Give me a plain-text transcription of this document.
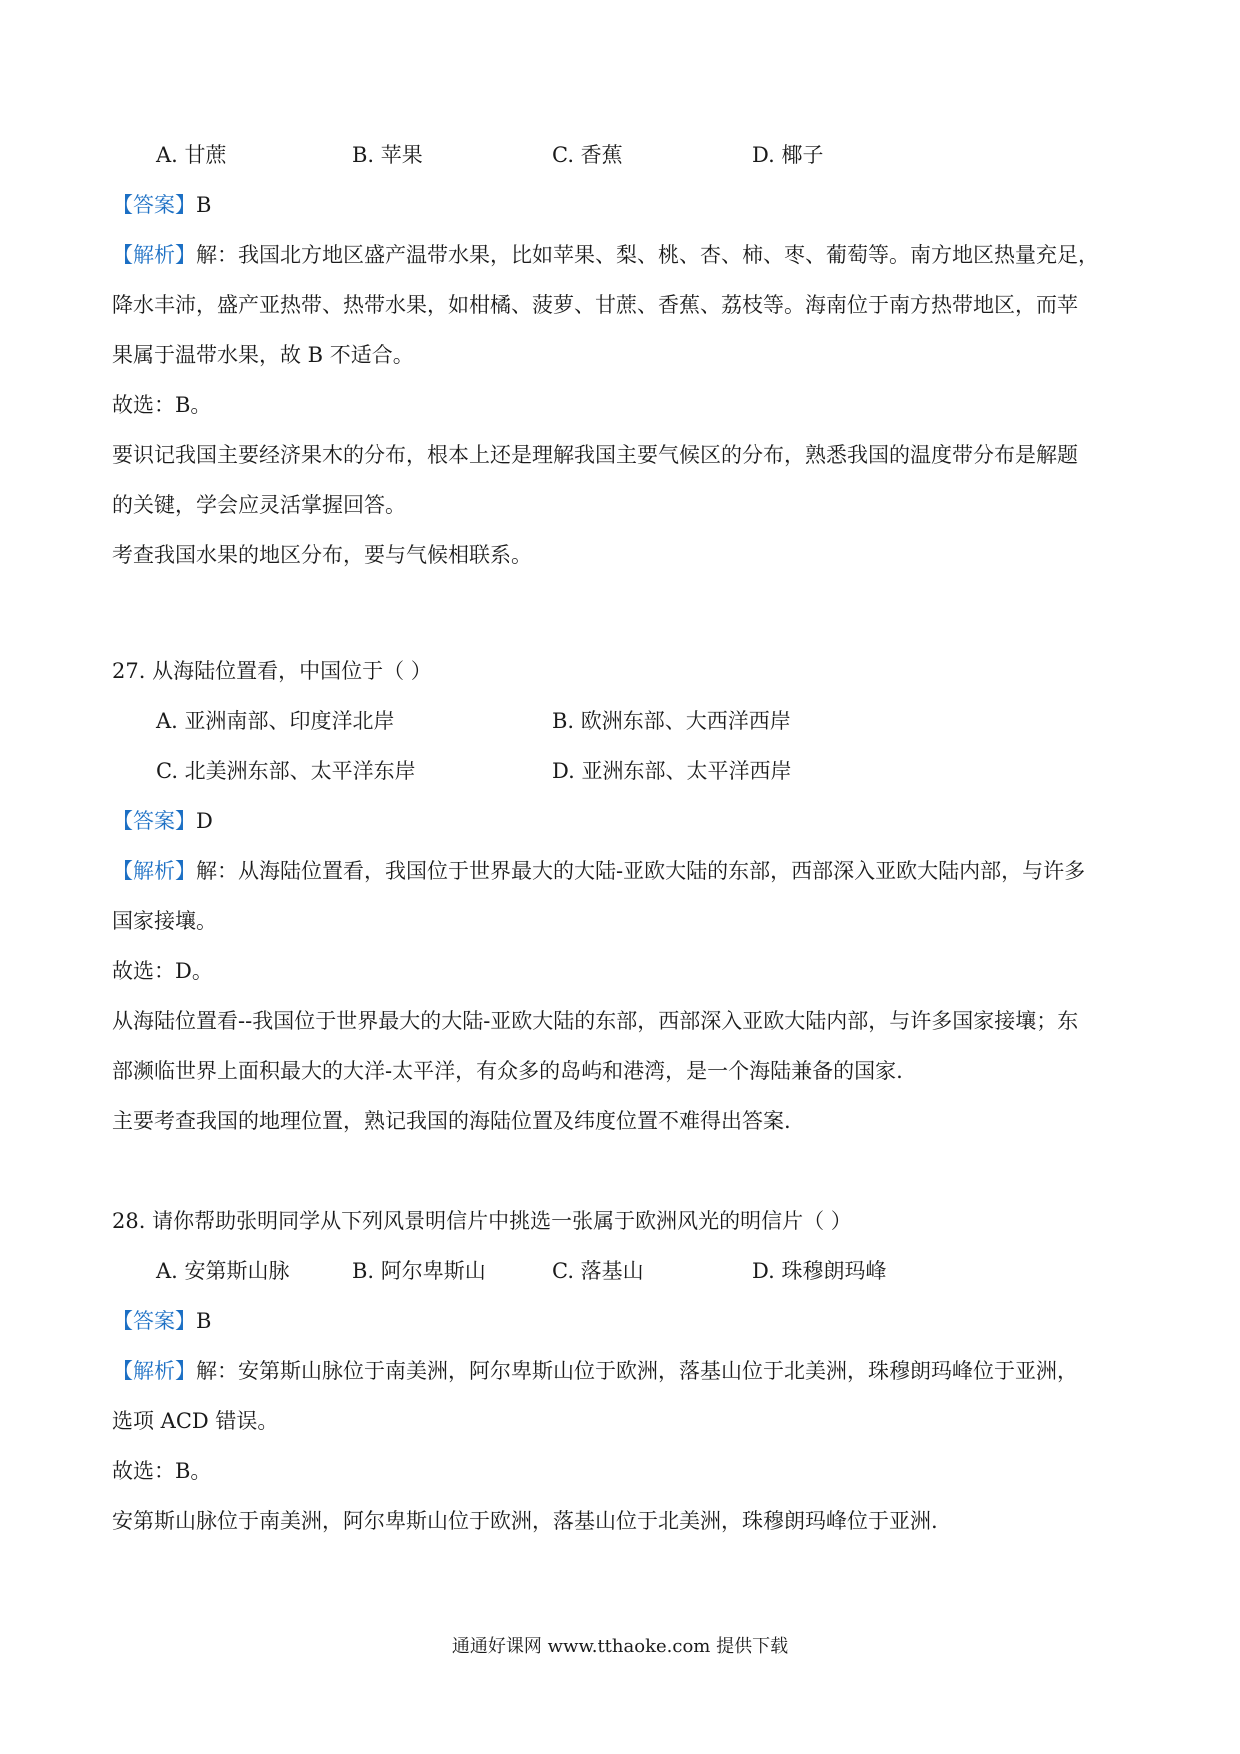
A. 甘蔗	B. 苹果	C. 香蕉	D. 椰子
【答案】B
【解析】解：我国北方地区盛产温带水果，比如苹果、梨、桃、杏、柿、枣、葡萄等。南方地区热量充足，
降水丰沛，盛产亚热带、热带水果，如柑橘、菠萝、甘蔗、香蕉、荔枝等。海南位于南方热带地区，而苹
果属于温带水果，故 B 不适合。
故选：B。
要识记我国主要经济果木的分布，根本上还是理解我国主要气候区的分布，熟悉我国的温度带分布是解题
的关键，学会应灵活掌握回答。
考查我国水果的地区分布，要与气候相联系。
27. 从海陆位置看，中国位于（ ）
A. 亚洲南部、印度洋北岸	B. 欧洲东部、大西洋西岸
C. 北美洲东部、太平洋东岸	D. 亚洲东部、太平洋西岸
【答案】D
【解析】解：从海陆位置看，我国位于世界最大的大陆-亚欧大陆的东部，西部深入亚欧大陆内部，与许多
国家接壤。
故选：D。
从海陆位置看--我国位于世界最大的大陆-亚欧大陆的东部，西部深入亚欧大陆内部，与许多国家接壤；东
部濒临世界上面积最大的大洋-太平洋，有众多的岛屿和港湾，是一个海陆兼备的国家.
主要考查我国的地理位置，熟记我国的海陆位置及纬度位置不难得出答案.
28. 请你帮助张明同学从下列风景明信片中挑选一张属于欧洲风光的明信片（ ）
A. 安第斯山脉	B. 阿尔卑斯山	C. 落基山	D. 珠穆朗玛峰
【答案】B
【解析】解：安第斯山脉位于南美洲，阿尔卑斯山位于欧洲，落基山位于北美洲，珠穆朗玛峰位于亚洲，
选项 ACD 错误。
故选：B。
安第斯山脉位于南美洲，阿尔卑斯山位于欧洲，落基山位于北美洲，珠穆朗玛峰位于亚洲.
通通好课网 www.tthaoke.com 提供下载
